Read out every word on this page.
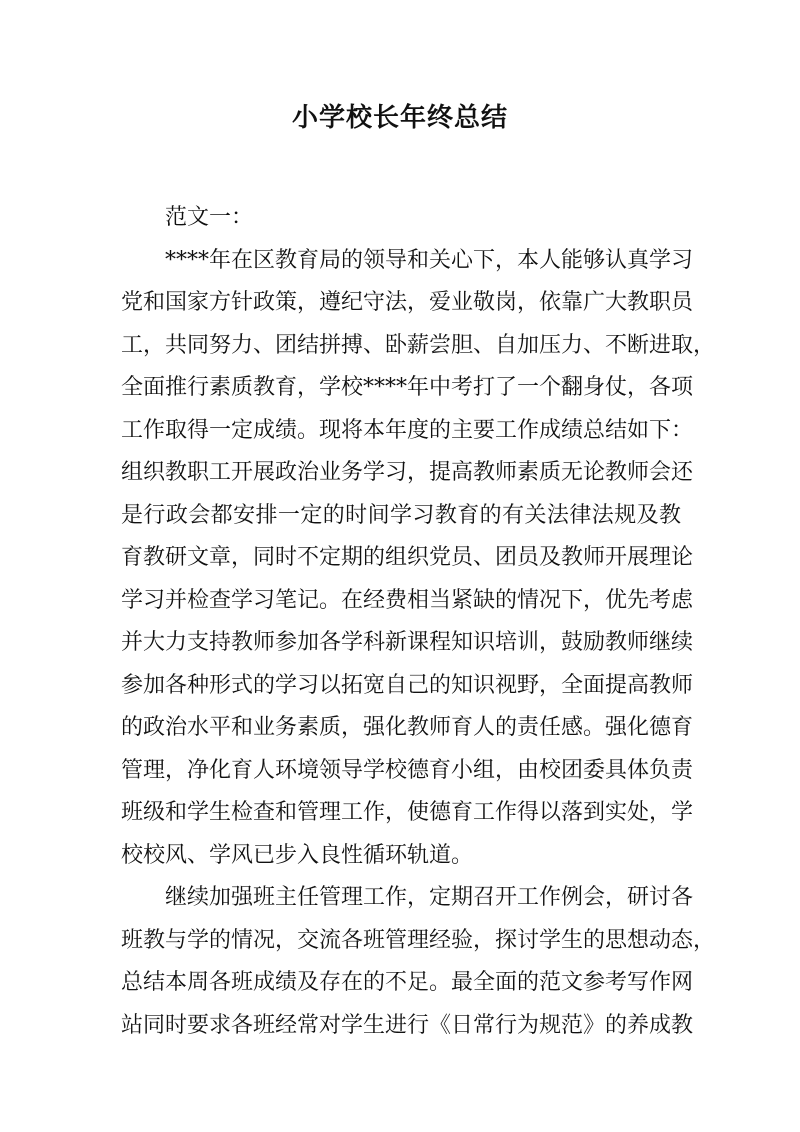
小学校长年终总结
范文一：
****年在区教育局的领导和关心下，本人能够认真学习
党和国家方针政策，遵纪守法，爱业敬岗，依靠广大教职员
工，共同努力、团结拼搏、卧薪尝胆、自加压力、不断进取，
全面推行素质教育，学校****年中考打了一个翻身仗，各项
工作取得一定成绩。现将本年度的主要工作成绩总结如下：
组织教职工开展政治业务学习，提高教师素质无论教师会还
是行政会都安排一定的时间学习教育的有关法律法规及教
育教研文章，同时不定期的组织党员、团员及教师开展理论
学习并检查学习笔记。在经费相当紧缺的情况下，优先考虑
并大力支持教师参加各学科新课程知识培训，鼓励教师继续
参加各种形式的学习以拓宽自己的知识视野，全面提高教师
的政治水平和业务素质，强化教师育人的责任感。强化德育
管理，净化育人环境领导学校德育小组，由校团委具体负责
班级和学生检查和管理工作，使德育工作得以落到实处，学
校校风、学风已步入良性循环轨道。
继续加强班主任管理工作，定期召开工作例会，研讨各
班教与学的情况，交流各班管理经验，探讨学生的思想动态，
总结本周各班成绩及存在的不足。最全面的范文参考写作网
站同时要求各班经常对学生进行《日常行为规范》的养成教
